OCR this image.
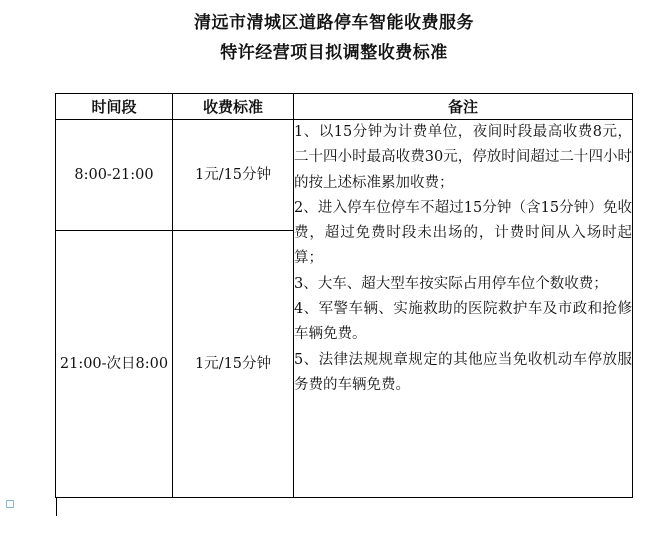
清远市清城区道路停车智能收费服务
特许经营项目拟调整收费标准
时间段	收费标准	备注
8:00-21:00	1元/15分钟	1、以15分钟为计费单位，夜间时段最高收费8元，二十四小时最高收费30元，停放时间超过二十四小时的按上述标准累加收费；

2、进入停车位停车不超过15分钟（含15分钟）免收费，超过免费时段未出场的，计费时间从入场时起算；

3、大车、超大型车按实际占用停车位个数收费；

4、军警车辆、实施救助的医院救护车及市政和抢修车辆免费。

5、法律法规规章规定的其他应当免收机动车停放服务费的车辆免费。

21:00-次日8:00	1元/15分钟	
